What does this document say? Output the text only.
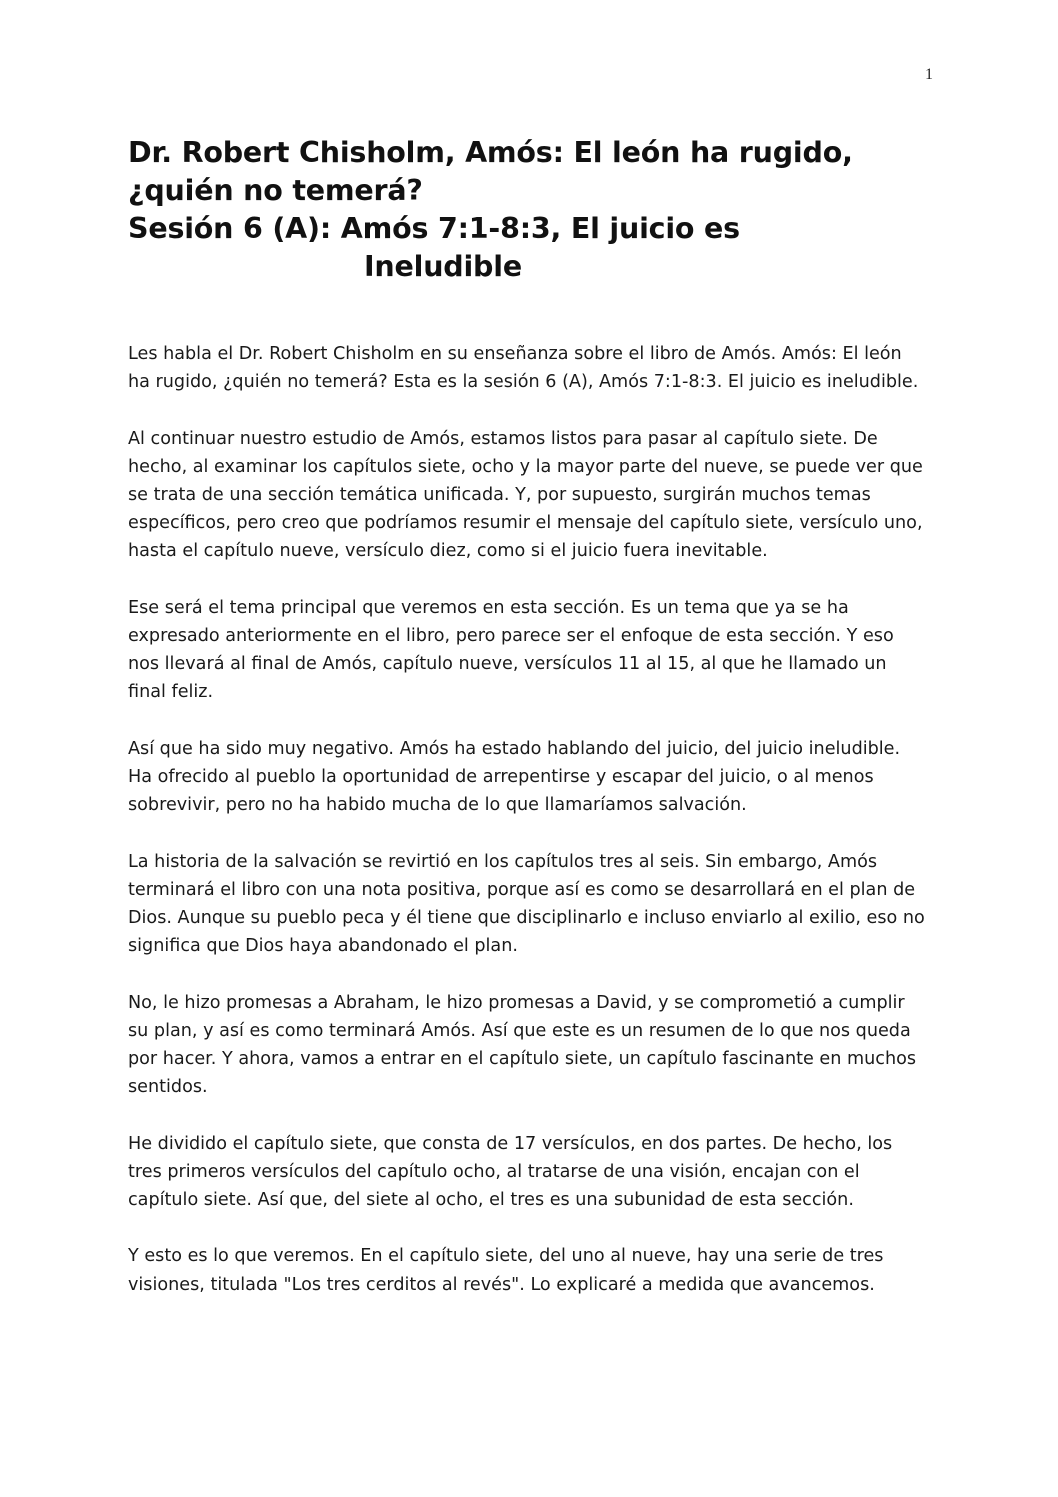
1
Dr. Robert Chisholm, Amós: El león ha rugido,
¿quién no temerá?
Sesión 6 (A): Amós 7:1-8:3, El juicio es
Ineludible

Les habla el Dr. Robert Chisholm en su enseñanza sobre el libro de Amós. Amós: El león ha rugido, ¿quién no temerá? Esta es la sesión 6 (A), Amós 7:1-8:3. El juicio es ineludible.

Al continuar nuestro estudio de Amós, estamos listos para pasar al capítulo siete. De hecho, al examinar los capítulos siete, ocho y la mayor parte del nueve, se puede ver que se trata de una sección temática unificada. Y, por supuesto, surgirán muchos temas específicos, pero creo que podríamos resumir el mensaje del capítulo siete, versículo uno, hasta el capítulo nueve, versículo diez, como si el juicio fuera inevitable.

Ese será el tema principal que veremos en esta sección. Es un tema que ya se ha expresado anteriormente en el libro, pero parece ser el enfoque de esta sección. Y eso nos llevará al final de Amós, capítulo nueve, versículos 11 al 15, al que he llamado un final feliz.

Así que ha sido muy negativo. Amós ha estado hablando del juicio, del juicio ineludible. Ha ofrecido al pueblo la oportunidad de arrepentirse y escapar del juicio, o al menos sobrevivir, pero no ha habido mucha de lo que llamaríamos salvación.

La historia de la salvación se revirtió en los capítulos tres al seis. Sin embargo, Amós terminará el libro con una nota positiva, porque así es como se desarrollará en el plan de Dios. Aunque su pueblo peca y él tiene que disciplinarlo e incluso enviarlo al exilio, eso no significa que Dios haya abandonado el plan.

No, le hizo promesas a Abraham, le hizo promesas a David, y se comprometió a cumplir su plan, y así es como terminará Amós. Así que este es un resumen de lo que nos queda por hacer. Y ahora, vamos a entrar en el capítulo siete, un capítulo fascinante en muchos sentidos.

He dividido el capítulo siete, que consta de 17 versículos, en dos partes. De hecho, los tres primeros versículos del capítulo ocho, al tratarse de una visión, encajan con el capítulo siete. Así que, del siete al ocho, el tres es una subunidad de esta sección.

Y esto es lo que veremos. En el capítulo siete, del uno al nueve, hay una serie de tres visiones, titulada "Los tres cerditos al revés". Lo explicaré a medida que avancemos.
